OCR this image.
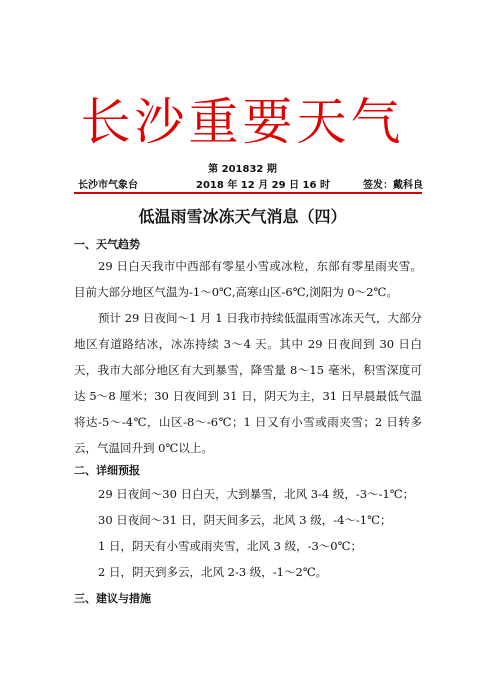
长沙重要天气
第 201832 期
长沙市气象台	2018 年 12 月 29 日 16 时	签发：戴科良
低温雨雪冰冻天气消息（四）
一、天气趋势
29 日白天我市中西部有零星小雪或冰粒，东部有零星雨夹雪。目前大部分地区气温为-1～0℃,高寒山区-6℃,浏阳为 0～2℃。
预计 29 日夜间～1 月 1 日我市持续低温雨雪冰冻天气，大部分地区有道路结冰，冰冻持续 3～4 天。其中 29 日夜间到 30 日白天，我市大部分地区有大到暴雪，降雪量 8～15 毫米，积雪深度可达 5～8 厘米；30 日夜间到 31 日，阴天为主，31 日早晨最低气温将达-5～-4℃，山区-8～-6℃；1 日又有小雪或雨夹雪；2 日转多云，气温回升到 0℃以上。
二、详细预报
29 日夜间～30 日白天，大到暴雪，北风 3-4 级，-3～-1℃；
30 日夜间～31 日，阴天间多云，北风 3 级，-4～-1℃；
1 日，阴天有小雪或雨夹雪，北风 3 级，-3～0℃；
2 日，阴天到多云，北风 2-3 级，-1～2℃。
三、建议与措施
